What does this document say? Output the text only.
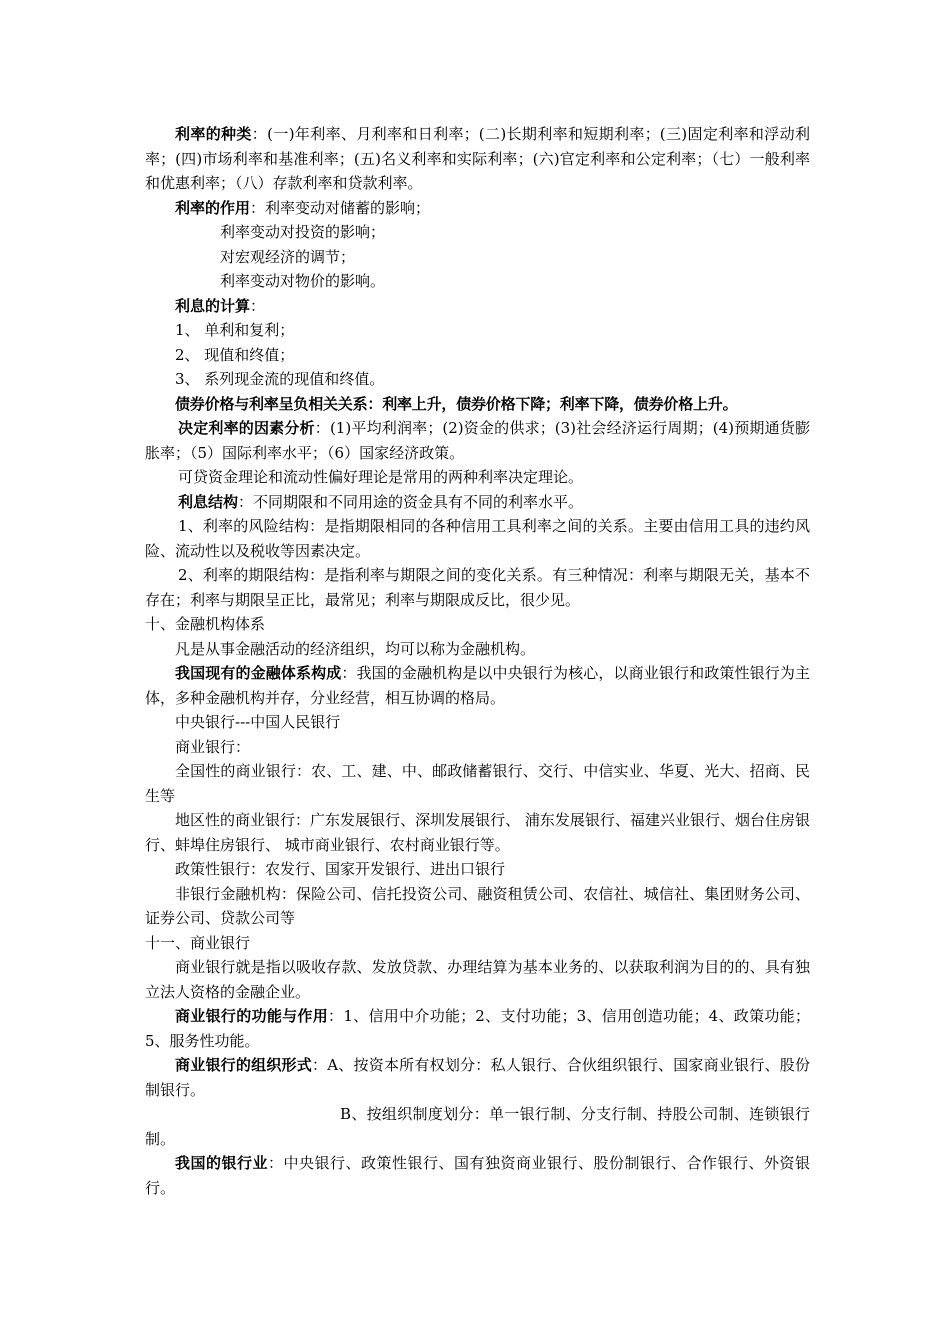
利率的种类：(一)年利率、月利率和日利率；(二)长期利率和短期利率；(三)固定利率和浮动利率；(四)市场利率和基准利率；(五)名义利率和实际利率；(六)官定利率和公定利率；（七）一般利率和优惠利率；（八）存款利率和贷款利率。

利率的作用：利率变动对储蓄的影响；

利率变动对投资的影响；

对宏观经济的调节；

利率变动对物价的影响。

利息的计算：

1、 单利和复利；

2、 现值和终值；

3、 系列现金流的现值和终值。

债券价格与利率呈负相关关系：利率上升，债券价格下降；利率下降，债券价格上升。

决定利率的因素分析：(1)平均利润率；(2)资金的供求；(3)社会经济运行周期；(4)预期通货膨胀率；（5）国际利率水平；（6）国家经济政策。

可贷资金理论和流动性偏好理论是常用的两种利率决定理论。

利息结构：不同期限和不同用途的资金具有不同的利率水平。

1、利率的风险结构：是指期限相同的各种信用工具利率之间的关系。主要由信用工具的违约风险、流动性以及税收等因素决定。

2、利率的期限结构：是指利率与期限之间的变化关系。有三种情况：利率与期限无关，基本不存在；利率与期限呈正比，最常见；利率与期限成反比，很少见。

十、金融机构体系

凡是从事金融活动的经济组织，均可以称为金融机构。

我国现有的金融体系构成：我国的金融机构是以中央银行为核心，以商业银行和政策性银行为主体，多种金融机构并存，分业经营，相互协调的格局。

中央银行---中国人民银行

商业银行：

全国性的商业银行：农、工、建、中、邮政储蓄银行、交行、中信实业、华夏、光大、招商、民生等

地区性的商业银行：广东发展银行、深圳发展银行、 浦东发展银行、福建兴业银行、烟台住房银行、蚌埠住房银行、 城市商业银行、农村商业银行等。

政策性银行：农发行、国家开发银行、进出口银行

非银行金融机构：保险公司、信托投资公司、融资租赁公司、农信社、城信社、集团财务公司、证券公司、贷款公司等

十一、商业银行

商业银行就是指以吸收存款、发放贷款、办理结算为基本业务的、以获取利润为目的的、具有独立法人资格的金融企业。

商业银行的功能与作用：1、信用中介功能；2、支付功能；3、信用创造功能；4、政策功能；5、服务性功能。

商业银行的组织形式：A、按资本所有权划分：私人银行、合伙组织银行、国家商业银行、股份制银行。

B、按组织制度划分：单一银行制、分支行制、持股公司制、连锁银行制。

我国的银行业：中央银行、政策性银行、国有独资商业银行、股份制银行、合作银行、外资银行。
